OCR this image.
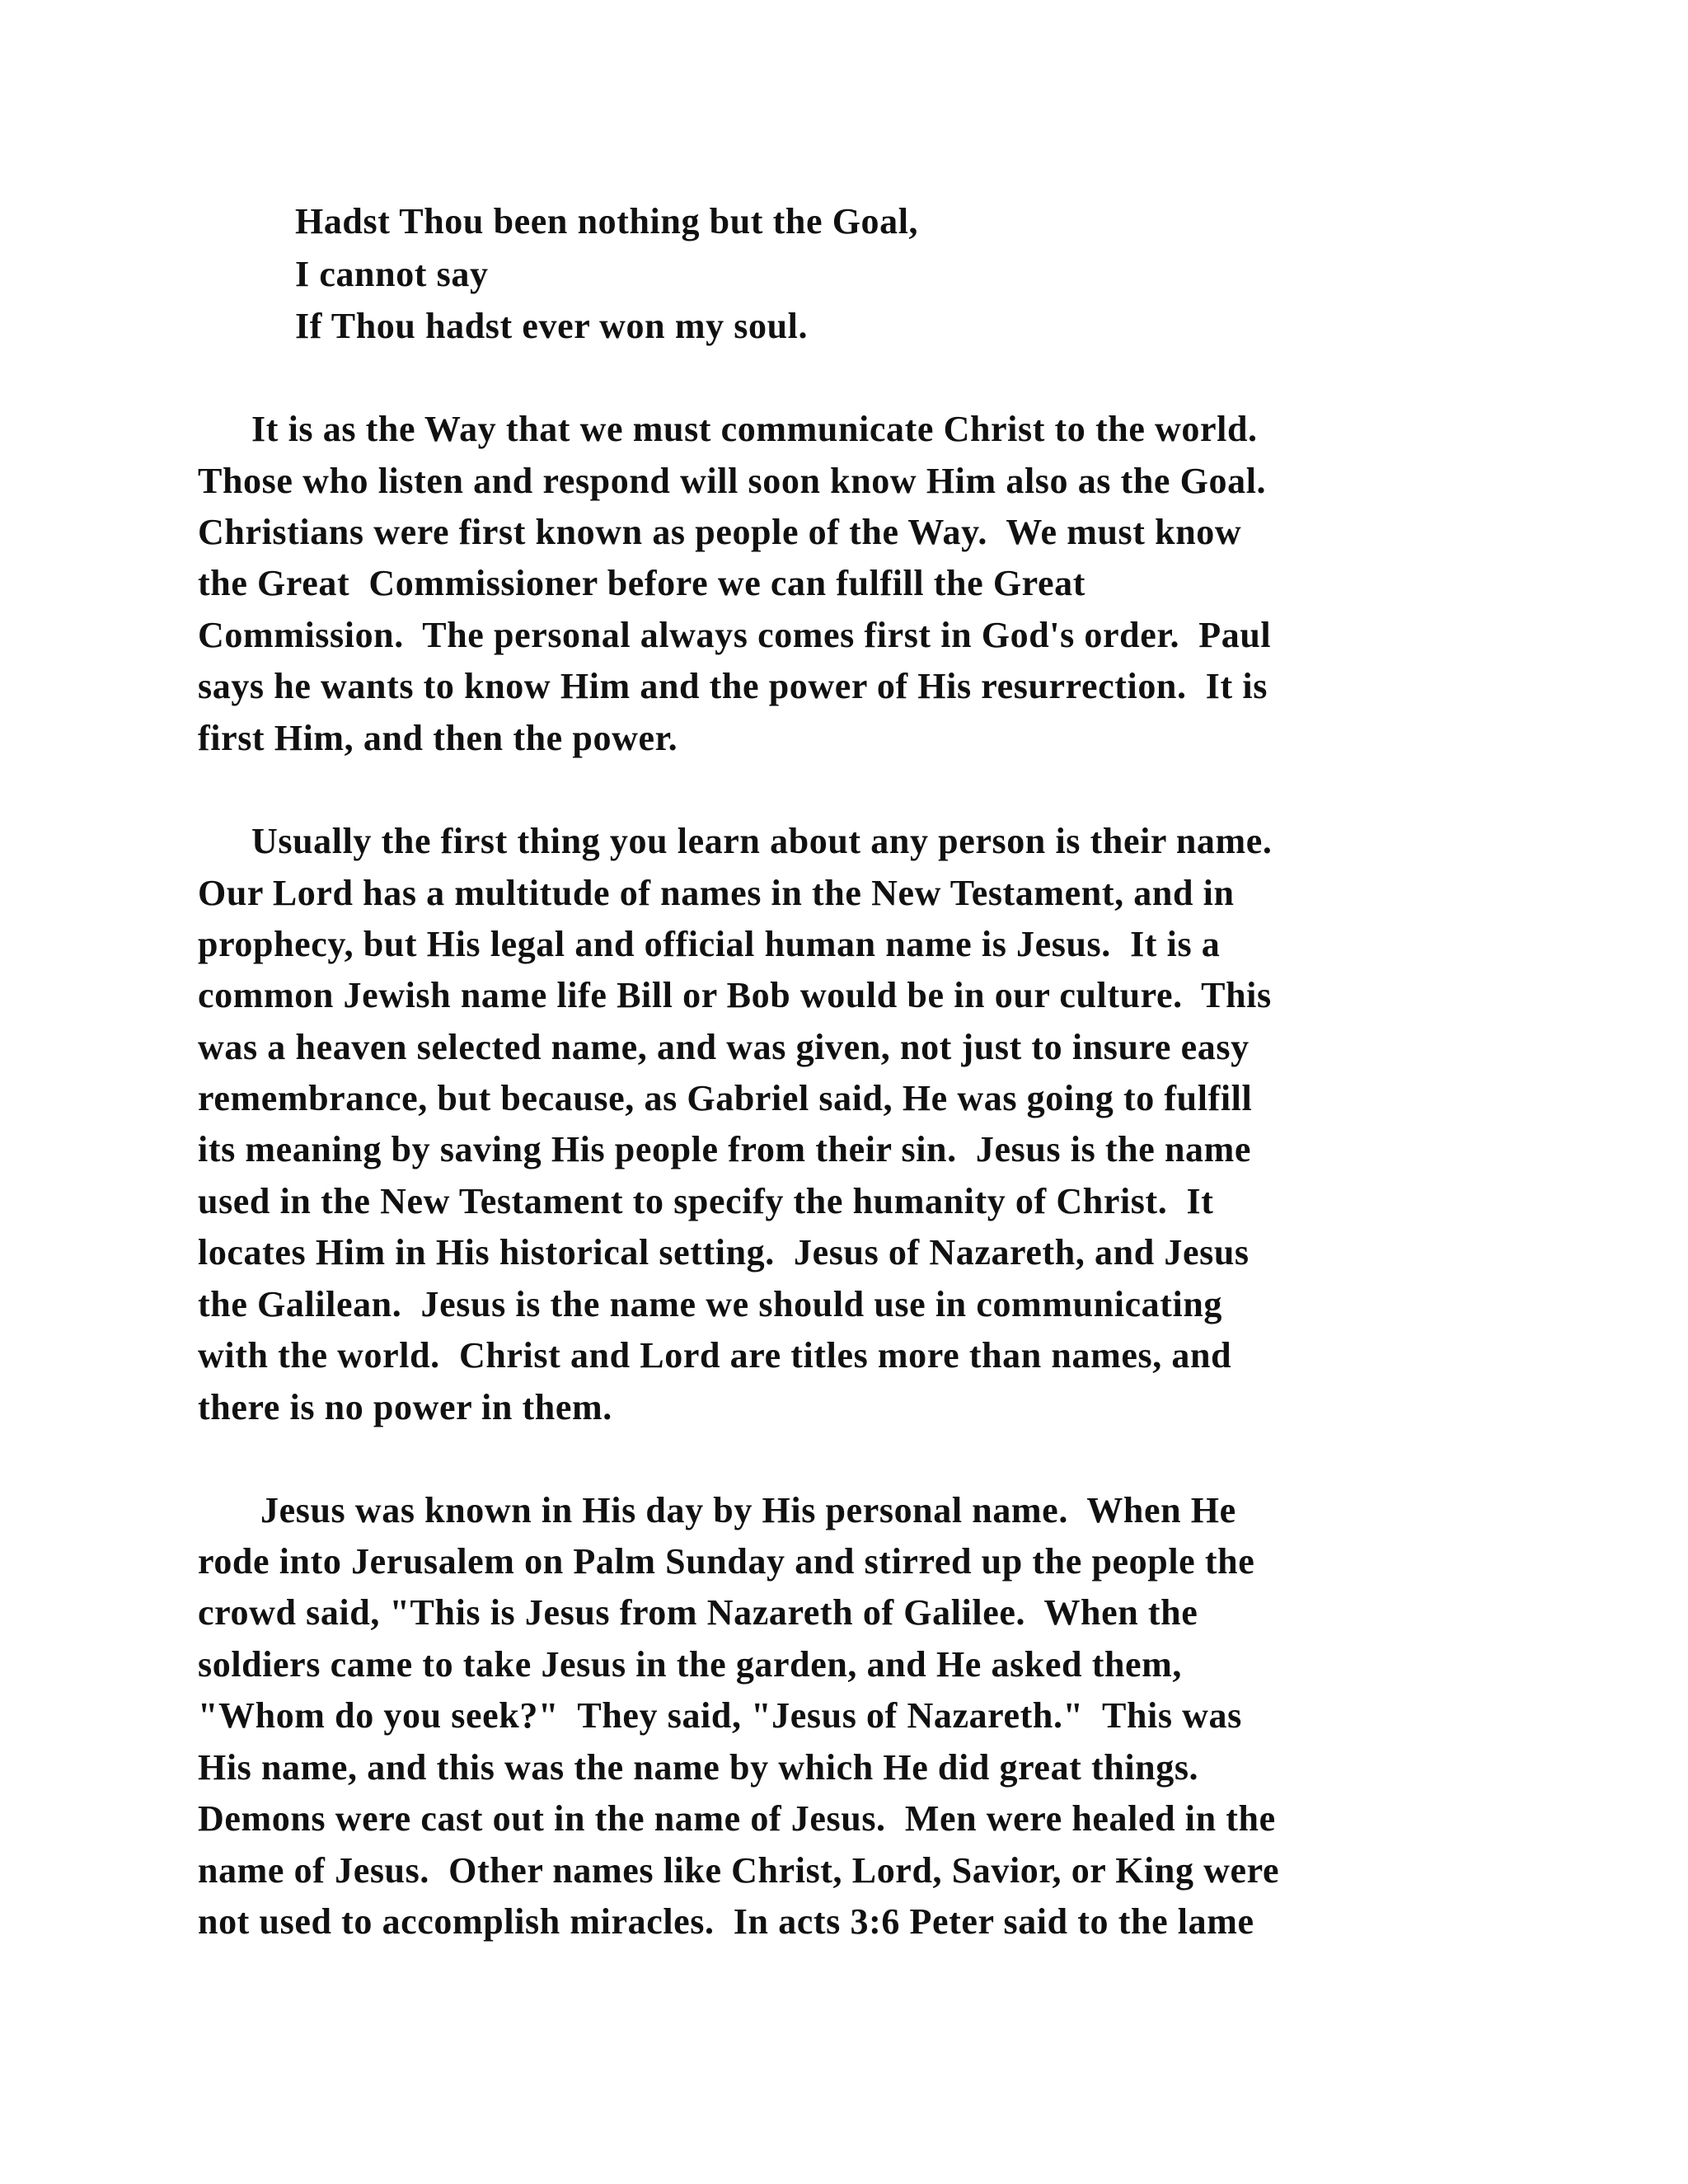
Hadst Thou been nothing but the Goal,

I cannot say

If Thou hadst ever won my soul.

It is as the Way that we must communicate Christ to the world.

Those who listen and respond will soon know Him also as the Goal.

Christians were first known as people of the Way.  We must know

the Great  Commissioner before we can fulfill the Great

Commission.  The personal always comes first in God's order.  Paul

says he wants to know Him and the power of His resurrection.  It is

first Him, and then the power.

Usually the first thing you learn about any person is their name.

Our Lord has a multitude of names in the New Testament, and in

prophecy, but His legal and official human name is Jesus.  It is a

common Jewish name life Bill or Bob would be in our culture.  This

was a heaven selected name, and was given, not just to insure easy

remembrance, but because, as Gabriel said, He was going to fulfill

its meaning by saving His people from their sin.  Jesus is the name

used in the New Testament to specify the humanity of Christ.  It

locates Him in His historical setting.  Jesus of Nazareth, and Jesus

the Galilean.  Jesus is the name we should use in communicating

with the world.  Christ and Lord are titles more than names, and

there is no power in them.

Jesus was known in His day by His personal name.  When He

rode into Jerusalem on Palm Sunday and stirred up the people the

crowd said, "This is Jesus from Nazareth of Galilee.  When the

soldiers came to take Jesus in the garden, and He asked them,

"Whom do you seek?"  They said, "Jesus of Nazareth."  This was

His name, and this was the name by which He did great things.

Demons were cast out in the name of Jesus.  Men were healed in the

name of Jesus.  Other names like Christ, Lord, Savior, or King were

not used to accomplish miracles.  In acts 3:6 Peter said to the lame
